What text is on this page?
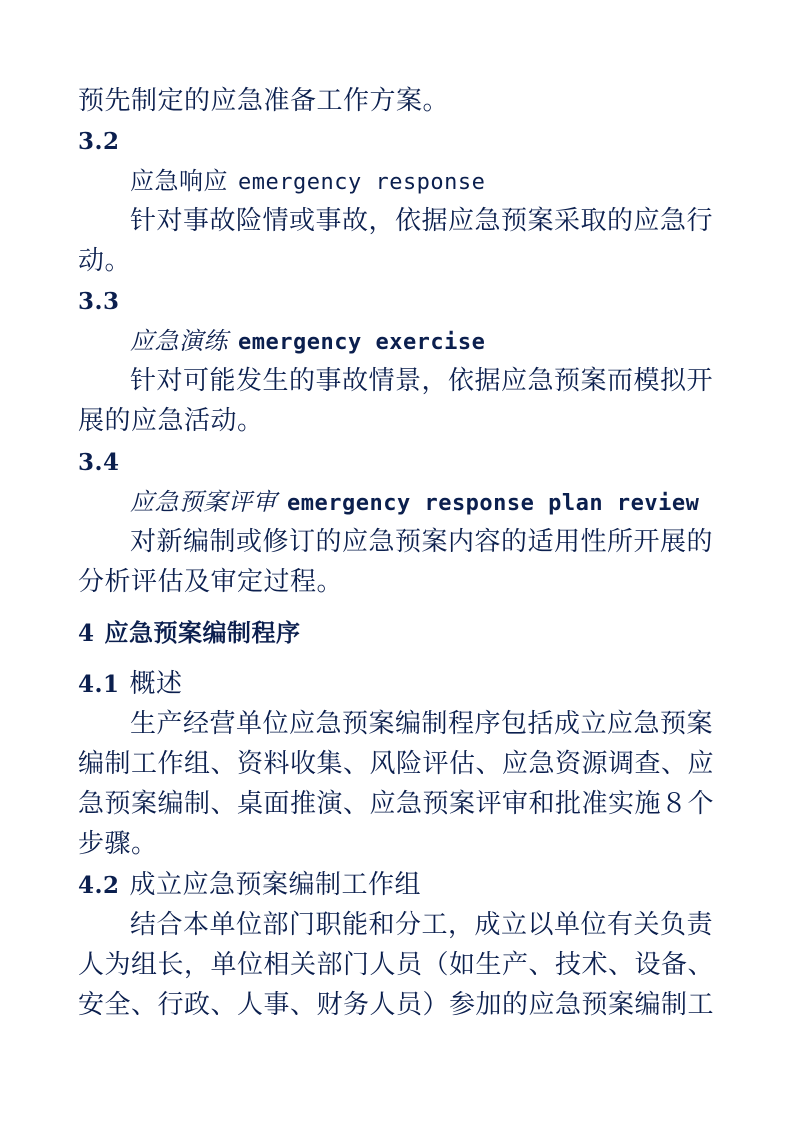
预先制定的应急准备工作方案。
3.2
应急响应 emergency response
针对事故险情或事故，依据应急预案采取的应急行
动。
3.3
应急演练 emergency exercise
针对可能发生的事故情景，依据应急预案而模拟开
展的应急活动。
3.4
应急预案评审 emergency response plan review
对新编制或修订的应急预案内容的适用性所开展的
分析评估及审定过程。
4 应急预案编制程序
4.1 概述
生产经营单位应急预案编制程序包括成立应急预案
编制工作组、资料收集、风险评估、应急资源调查、应
急预案编制、桌面推演、应急预案评审和批准实施８个
步骤。
4.2 成立应急预案编制工作组
结合本单位部门职能和分工，成立以单位有关负责
人为组长，单位相关部门人员（如生产、技术、设备、
安全、行政、人事、财务人员）参加的应急预案编制工
